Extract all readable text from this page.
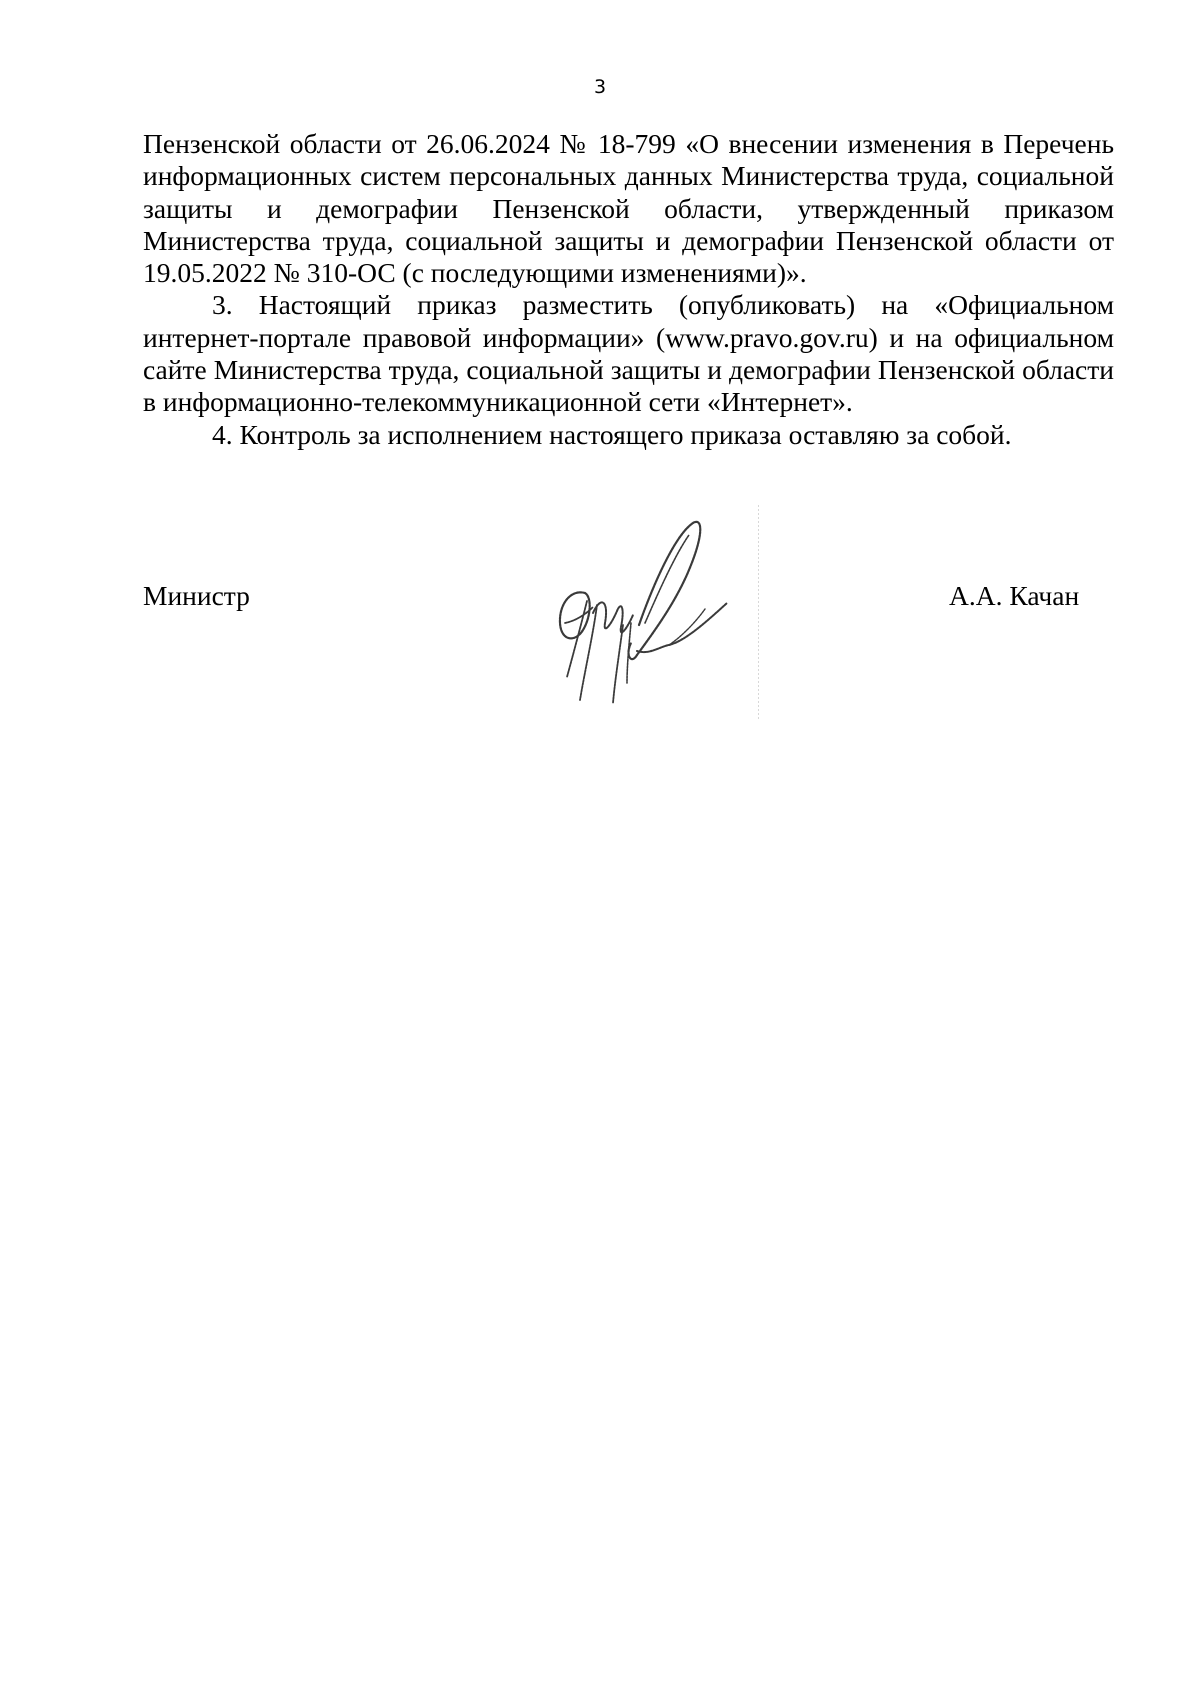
3

Пензенской области от 26.06.2024 № 18-799 «О внесении изменения в Перечень информационных систем персональных данных Министерства труда, социальной защиты и демографии Пензенской области, утвержденный приказом Министерства труда, социальной защиты и демографии Пензенской области от 19.05.2022 № 310-ОС (с последующими изменениями)».

3. Настоящий приказ разместить (опубликовать) на «Официальном интернет-портале правовой информации» (www.pravo.gov.ru) и на официальном сайте Министерства труда, социальной защиты и демографии Пензенской области в информационно-телекоммуникационной сети «Интернет».

4. Контроль за исполнением настоящего приказа оставляю за собой.

Министр	А.А. Качан
